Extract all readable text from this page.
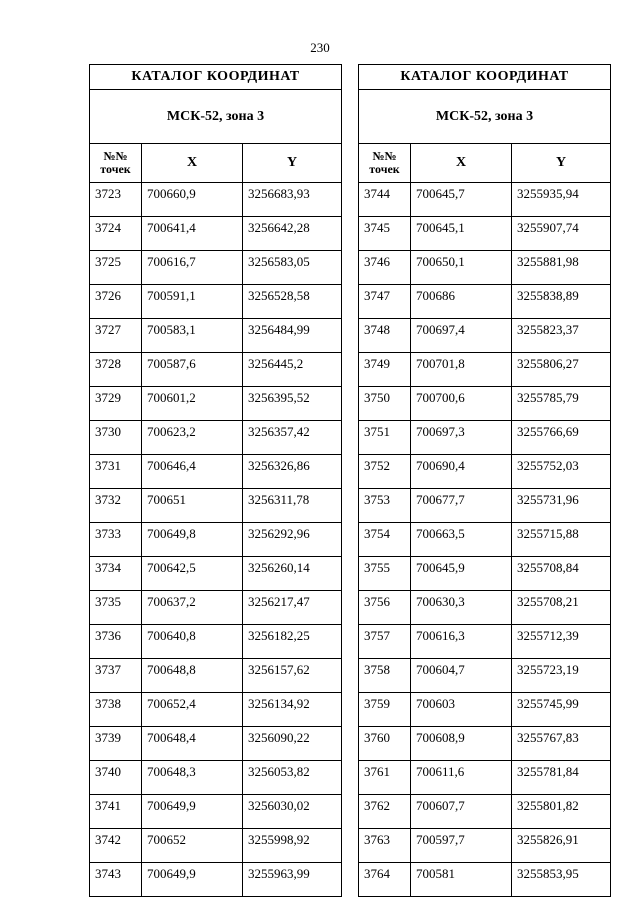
230
КАТАЛОГ КООРДИНАТ		
МСК-52, зона 3		
№№
точек	X	Y
3723	700660,9	3256683,93
3724	700641,4	3256642,28
3725	700616,7	3256583,05
3726	700591,1	3256528,58
3727	700583,1	3256484,99
3728	700587,6	3256445,2
3729	700601,2	3256395,52
3730	700623,2	3256357,42
3731	700646,4	3256326,86
3732	700651	3256311,78
3733	700649,8	3256292,96
3734	700642,5	3256260,14
3735	700637,2	3256217,47
3736	700640,8	3256182,25
3737	700648,8	3256157,62
3738	700652,4	3256134,92
3739	700648,4	3256090,22
3740	700648,3	3256053,82
3741	700649,9	3256030,02
3742	700652	3255998,92
3743	700649,9	3255963,99
КАТАЛОГ КООРДИНАТ		
МСК-52, зона 3		
№№
точек	X	Y
3744	700645,7	3255935,94
3745	700645,1	3255907,74
3746	700650,1	3255881,98
3747	700686	3255838,89
3748	700697,4	3255823,37
3749	700701,8	3255806,27
3750	700700,6	3255785,79
3751	700697,3	3255766,69
3752	700690,4	3255752,03
3753	700677,7	3255731,96
3754	700663,5	3255715,88
3755	700645,9	3255708,84
3756	700630,3	3255708,21
3757	700616,3	3255712,39
3758	700604,7	3255723,19
3759	700603	3255745,99
3760	700608,9	3255767,83
3761	700611,6	3255781,84
3762	700607,7	3255801,82
3763	700597,7	3255826,91
3764	700581	3255853,95
